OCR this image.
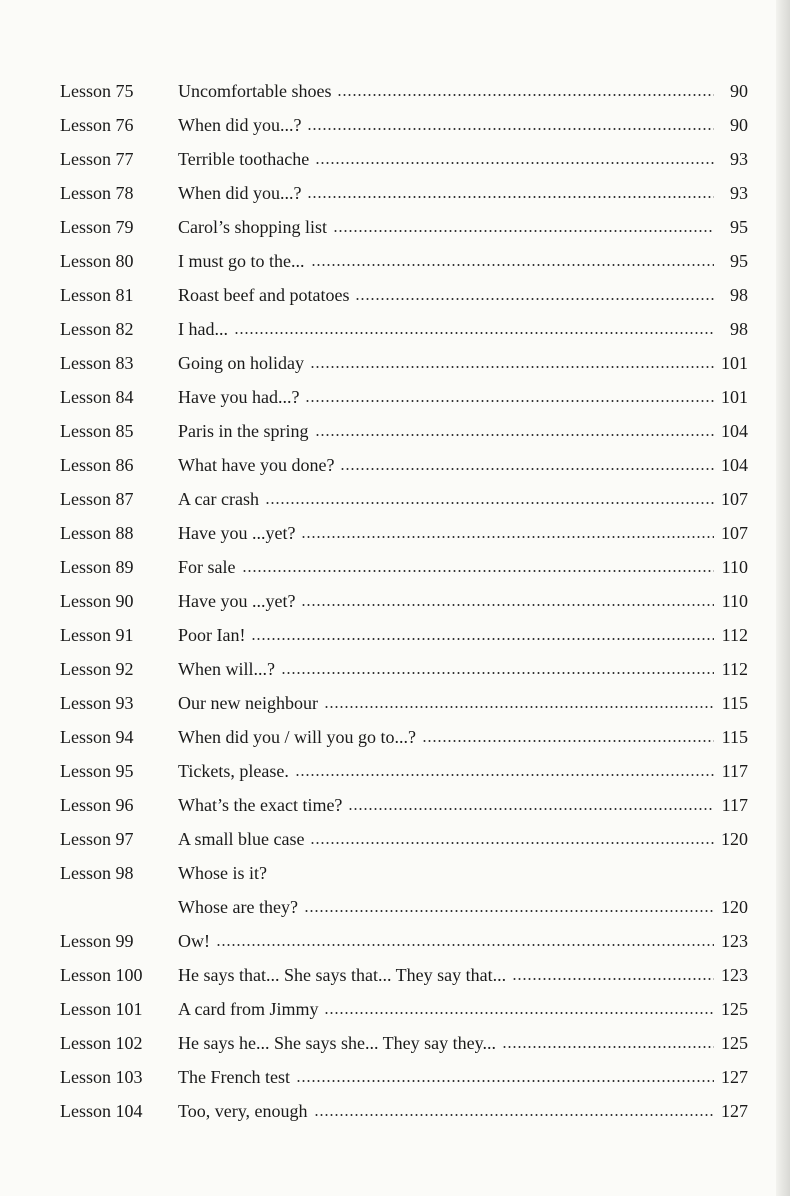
Lesson 75	Uncomfortable shoes	90
Lesson 76	When did you...?	90
Lesson 77	Terrible toothache	93
Lesson 78	When did you...?	93
Lesson 79	Carol’s shopping list	95
Lesson 80	I must go to the...	95
Lesson 81	Roast beef and potatoes	98
Lesson 82	I had...	98
Lesson 83	Going on holiday	101
Lesson 84	Have you had...?	101
Lesson 85	Paris in the spring	104
Lesson 86	What have you done?	104
Lesson 87	A car crash	107
Lesson 88	Have you ...yet?	107
Lesson 89	For sale	110
Lesson 90	Have you ...yet?	110
Lesson 91	Poor Ian!	112
Lesson 92	When will...?	112
Lesson 93	Our new neighbour	115
Lesson 94	When did you / will you go to...?	115
Lesson 95	Tickets, please.	117
Lesson 96	What’s the exact time?	117
Lesson 97	A small blue case	120
Lesson 98	Whose is it?
Whose are they?	120
Lesson 99	Ow!	123
Lesson 100	He says that... She says that... They say that...	123
Lesson 101	A card from Jimmy	125
Lesson 102	He says he... She says she... They say they...	125
Lesson 103	The French test	127
Lesson 104	Too, very, enough	127
